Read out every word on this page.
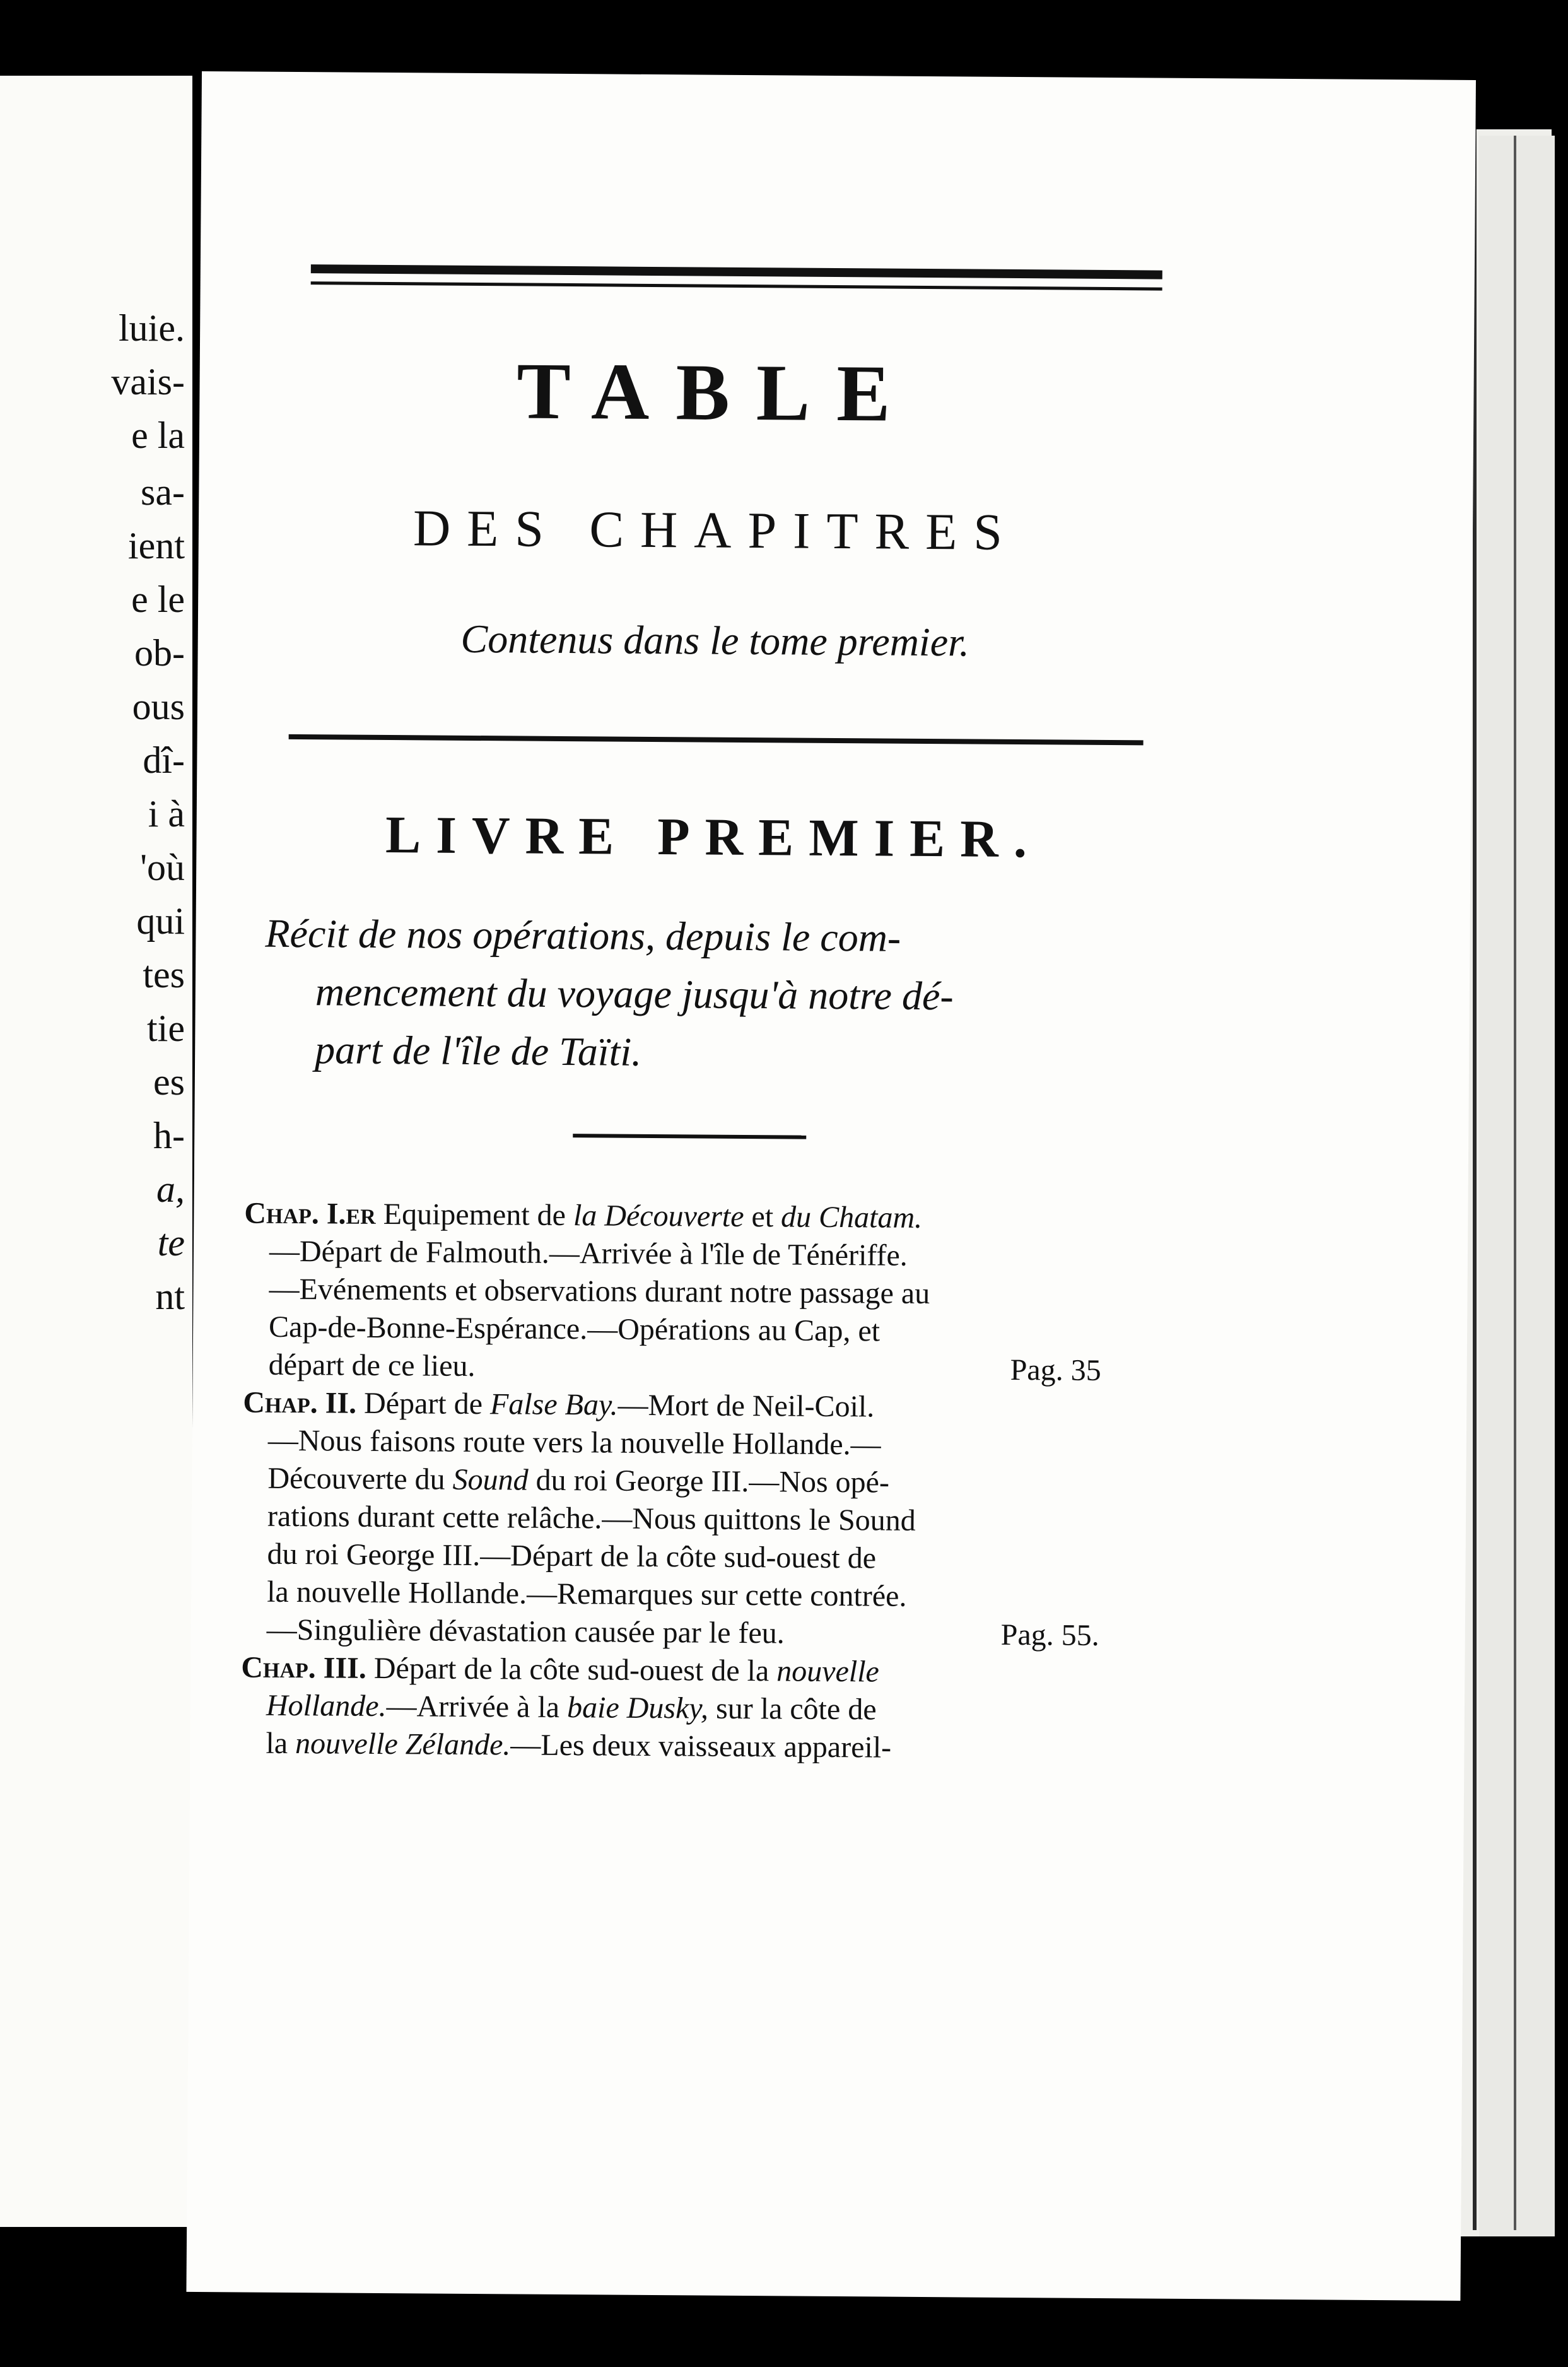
luie.
vais-
e la
sa-
ient
e le
ob-
ous
dî-
i à
'où
qui
tes
tie
es
h-
a,
te
nt
TABLE
DES CHAPITRES
Contenus dans le tome premier.
LIVRE PREMIER.
Récit de nos opérations, depuis le com-
mencement du voyage jusqu'à notre dé-
part de l'île de Taïti.
Chap. I.er Equipement de la Découverte et du Chatam.
—Départ de Falmouth.—Arrivée à l'île de Ténériffe.
—Evénements et observations durant notre passage au
Cap-de-Bonne-Espérance.—Opérations au Cap, et
départ de ce lieu.	Pag. 35
Chap. II. Départ de False Bay.—Mort de Neil-Coil.
—Nous faisons route vers la nouvelle Hollande.—
Découverte du Sound du roi George III.—Nos opé-
rations durant cette relâche.—Nous quittons le Sound
du roi George III.—Départ de la côte sud-ouest de
la nouvelle Hollande.—Remarques sur cette contrée.
—Singulière dévastation causée par le feu.	Pag. 55.
Chap. III. Départ de la côte sud-ouest de la nouvelle
Hollande.—Arrivée à la baie Dusky, sur la côte de
la nouvelle Zélande.—Les deux vaisseaux appareil-
